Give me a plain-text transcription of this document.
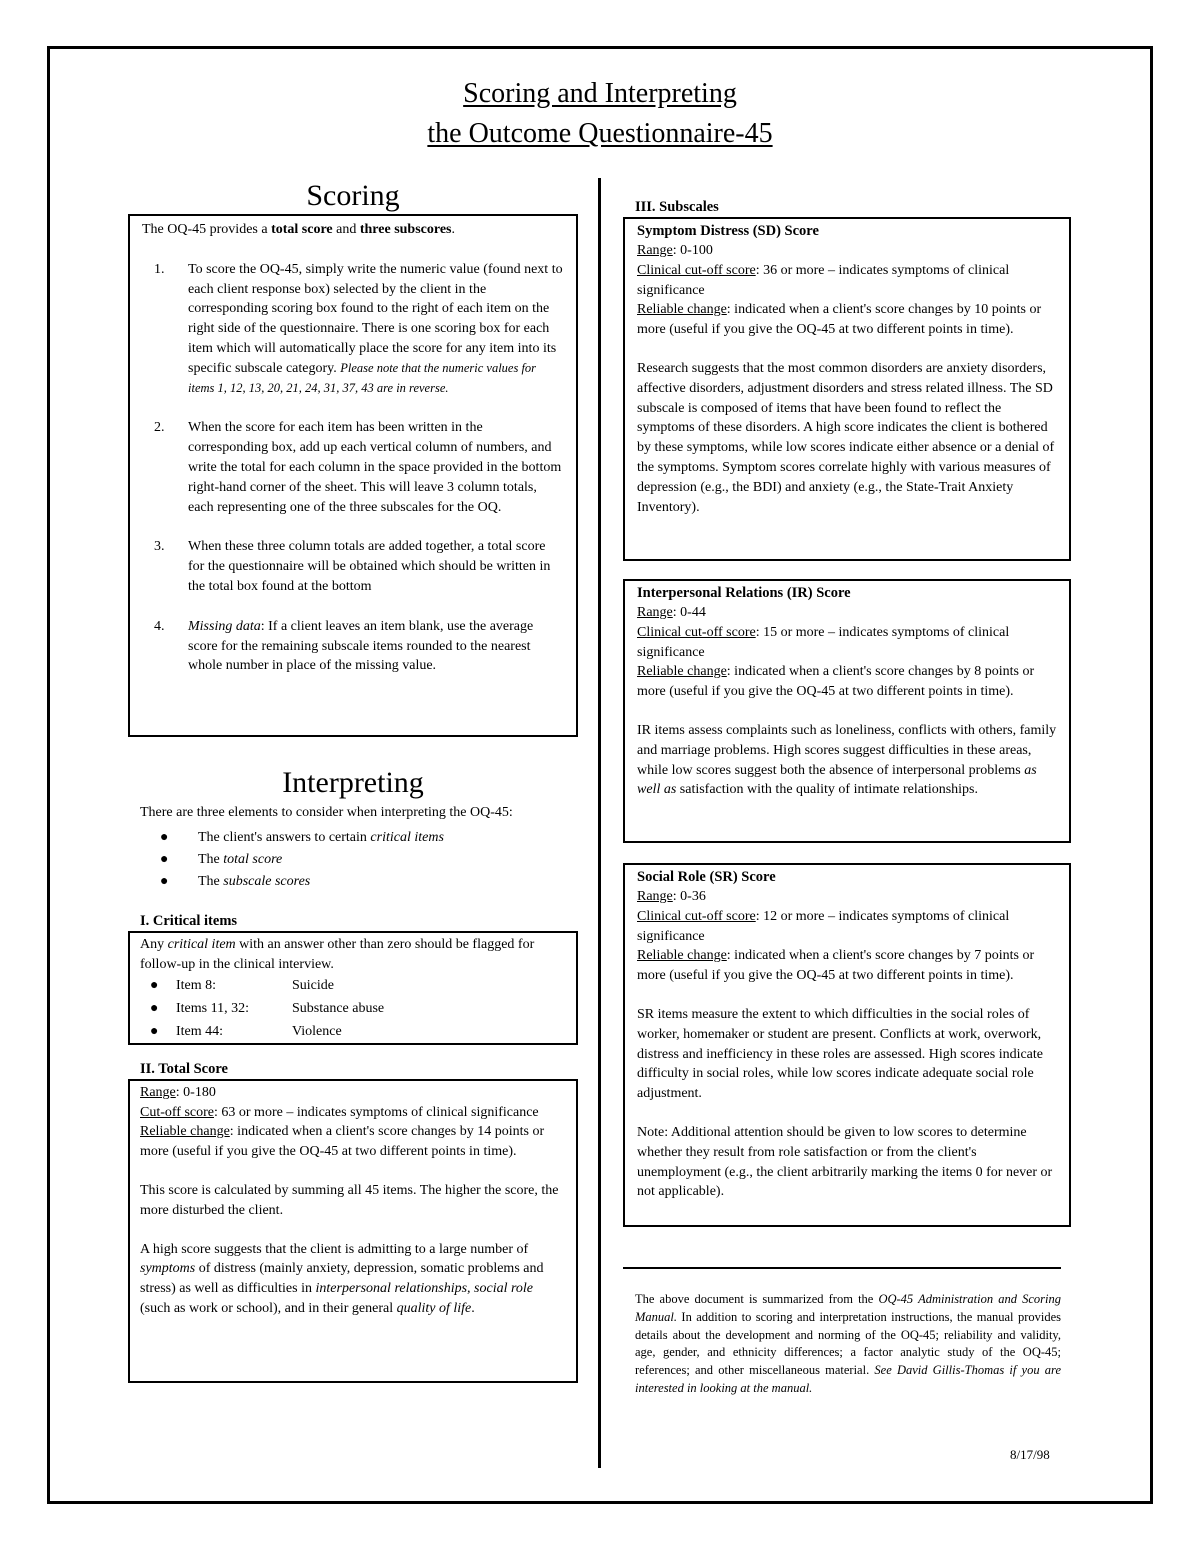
Scoring and Interpreting
the Outcome Questionnaire-45
Scoring

The OQ-45 provides a total score and three subscores.

1. To score the OQ-45, simply write the numeric value (found next to each client response box) selected by the client in the corresponding scoring box found to the right of each item on the right side of the questionnaire. There is one scoring box for each item which will automatically place the score for any item into its specific subscale category. Please note that the numeric values for items 1, 12, 13, 20, 21, 24, 31, 37, 43 are in reverse.
2. When the score for each item has been written in the corresponding box, add up each vertical column of numbers, and write the total for each column in the space provided in the bottom right-hand corner of the sheet. This will leave 3 column totals, each representing one of the three subscales for the OQ.
3. When these three column totals are added together, a total score for the questionnaire will be obtained which should be written in the total box found at the bottom
4. Missing data: If a client leaves an item blank, use the average score for the remaining subscale items rounded to the nearest whole number in place of the missing value.
Interpreting

There are three elements to consider when interpreting the OQ-45:

● The client's answers to certain critical items
● The total score
● The subscale scores
I. Critical items

Any critical item with an answer other than zero should be flagged for follow-up in the clinical interview.

● Item 8:	Suicide
● Items 11, 32:	Substance abuse
● Item 44:	Violence
II. Total Score

Range: 0-180

Cut-off score: 63 or more – indicates symptoms of clinical significance

Reliable change: indicated when a client's score changes by 14 points or more (useful if you give the OQ-45 at two different points in time).

This score is calculated by summing all 45 items. The higher the score, the more disturbed the client.

A high score suggests that the client is admitting to a large number of symptoms of distress (mainly anxiety, depression, somatic problems and stress) as well as difficulties in interpersonal relationships, social role (such as work or school), and in their general quality of life.

III. Subscales
Symptom Distress (SD) Score

Range: 0-100

Clinical cut-off score: 36 or more – indicates symptoms of clinical significance

Reliable change: indicated when a client's score changes by 10 points or more (useful if you give the OQ-45 at two different points in time).

Research suggests that the most common disorders are anxiety disorders, affective disorders, adjustment disorders and stress related illness. The SD subscale is composed of items that have been found to reflect the symptoms of these disorders. A high score indicates the client is bothered by these symptoms, while low scores indicate either absence or a denial of the symptoms. Symptom scores correlate highly with various measures of depression (e.g., the BDI) and anxiety (e.g., the State-Trait Anxiety Inventory).

Interpersonal Relations (IR) Score

Range: 0-44

Clinical cut-off score: 15 or more – indicates symptoms of clinical significance

Reliable change: indicated when a client's score changes by 8 points or more (useful if you give the OQ-45 at two different points in time).

IR items assess complaints such as loneliness, conflicts with others, family and marriage problems. High scores suggest difficulties in these areas, while low scores suggest both the absence of interpersonal problems as well as satisfaction with the quality of intimate relationships.

Social Role (SR) Score

Range: 0-36

Clinical cut-off score: 12 or more – indicates symptoms of clinical significance

Reliable change: indicated when a client's score changes by 7 points or more (useful if you give the OQ-45 at two different points in time).

SR items measure the extent to which difficulties in the social roles of worker, homemaker or student are present. Conflicts at work, overwork, distress and inefficiency in these roles are assessed. High scores indicate difficulty in social roles, while low scores indicate adequate social role adjustment.

Note: Additional attention should be given to low scores to determine whether they result from role satisfaction or from the client's unemployment (e.g., the client arbitrarily marking the items 0 for never or not applicable).

The above document is summarized from the OQ-45 Administration and Scoring Manual. In addition to scoring and interpretation instructions, the manual provides details about the development and norming of the OQ-45; reliability and validity, age, gender, and ethnicity differences; a factor analytic study of the OQ-45; references; and other miscellaneous material. See David Gillis-Thomas if you are interested in looking at the manual.

8/17/98
